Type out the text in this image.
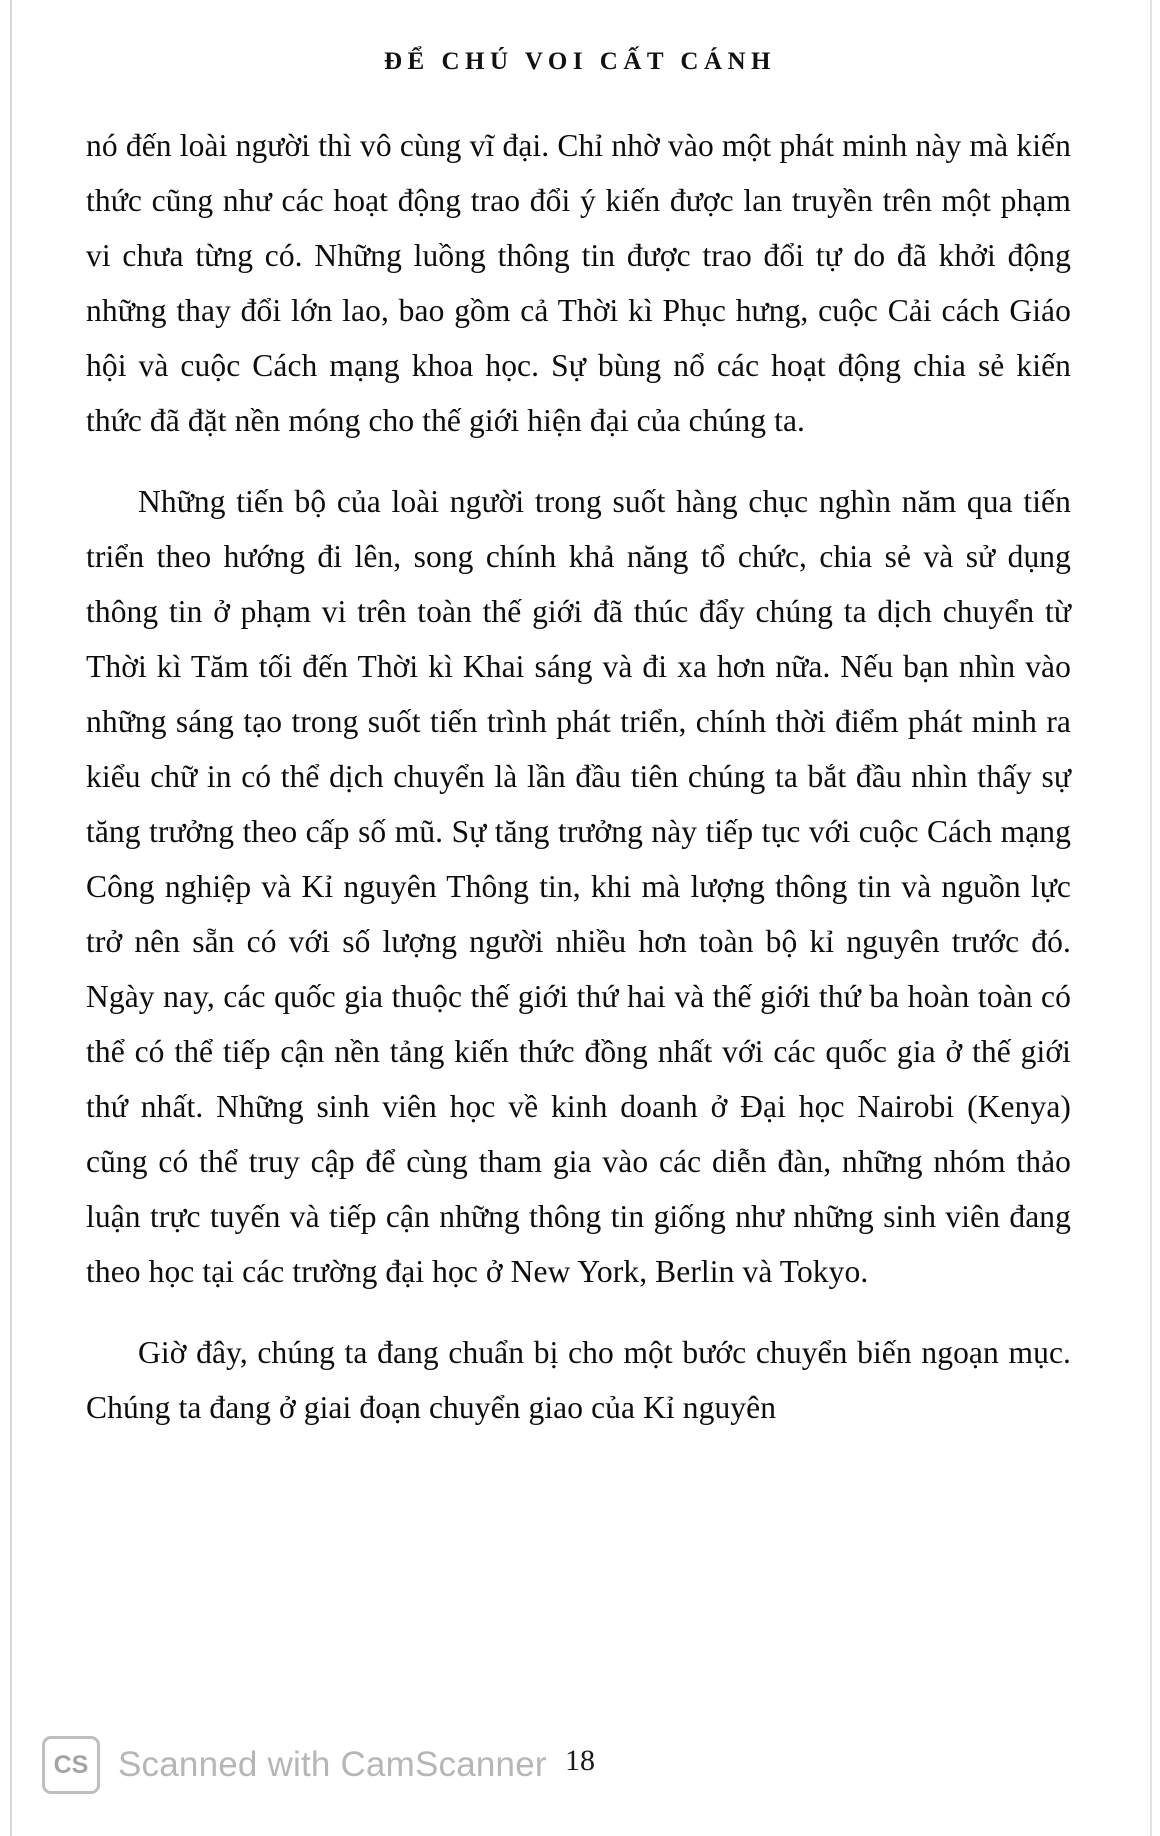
ĐỂ CHÚ VOI CẤT CÁNH

nó đến loài người thì vô cùng vĩ đại. Chỉ nhờ vào một phát minh này mà kiến thức cũng như các hoạt động trao đổi ý kiến được lan truyền trên một phạm vi chưa từng có. Những luồng thông tin được trao đổi tự do đã khởi động những thay đổi lớn lao, bao gồm cả Thời kì Phục hưng, cuộc Cải cách Giáo hội và cuộc Cách mạng khoa học. Sự bùng nổ các hoạt động chia sẻ kiến thức đã đặt nền móng cho thế giới hiện đại của chúng ta.

Những tiến bộ của loài người trong suốt hàng chục nghìn năm qua tiến triển theo hướng đi lên, song chính khả năng tổ chức, chia sẻ và sử dụng thông tin ở phạm vi trên toàn thế giới đã thúc đẩy chúng ta dịch chuyển từ Thời kì Tăm tối đến Thời kì Khai sáng và đi xa hơn nữa. Nếu bạn nhìn vào những sáng tạo trong suốt tiến trình phát triển, chính thời điểm phát minh ra kiểu chữ in có thể dịch chuyển là lần đầu tiên chúng ta bắt đầu nhìn thấy sự tăng trưởng theo cấp số mũ. Sự tăng trưởng này tiếp tục với cuộc Cách mạng Công nghiệp và Kỉ nguyên Thông tin, khi mà lượng thông tin và nguồn lực trở nên sẵn có với số lượng người nhiều hơn toàn bộ kỉ nguyên trước đó. Ngày nay, các quốc gia thuộc thế giới thứ hai và thế giới thứ ba hoàn toàn có thể có thể tiếp cận nền tảng kiến thức đồng nhất với các quốc gia ở thế giới thứ nhất. Những sinh viên học về kinh doanh ở Đại học Nairobi (Kenya) cũng có thể truy cập để cùng tham gia vào các diễn đàn, những nhóm thảo luận trực tuyến và tiếp cận những thông tin giống như những sinh viên đang theo học tại các trường đại học ở New York, Berlin và Tokyo.

Giờ đây, chúng ta đang chuẩn bị cho một bước chuyển biến ngoạn mục. Chúng ta đang ở giai đoạn chuyển giao của Kỉ nguyên

18
CS Scanned with CamScanner
